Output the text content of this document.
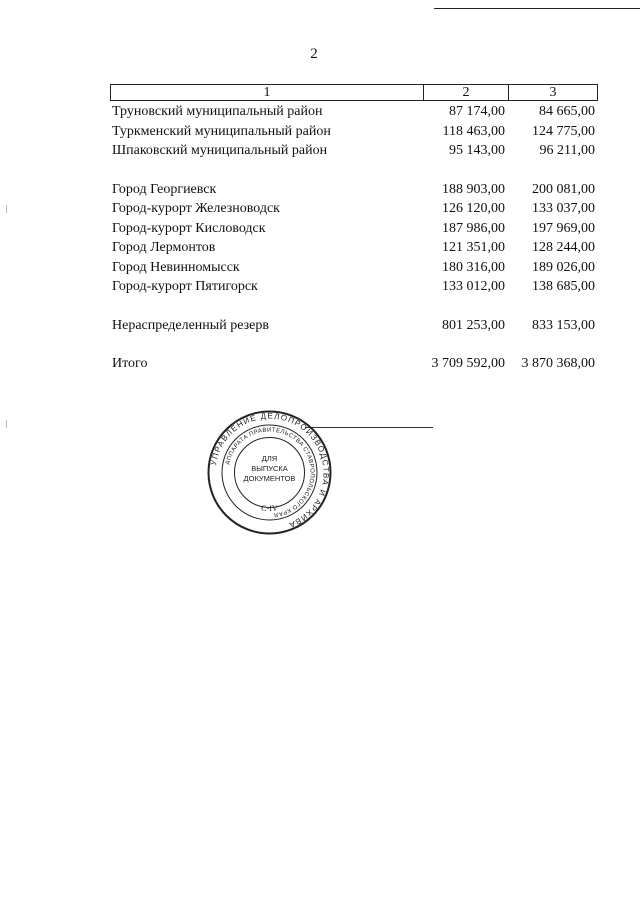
2
1	2	3
Труновский муниципальный район	87 174,00 84 665,00
Туркменский муниципальный район	118 463,00 124 775,00
Шпаковский муниципальный район	95 143,00 96 211,00
Город Георгиевск	188 903,00 200 081,00
Город-курорт Железноводск	126 120,00 133 037,00
Город-курорт Кисловодск	187 986,00 197 969,00
Город Лермонтов	121 351,00 128 244,00
Город Невинномысск	180 316,00 189 026,00
Город-курорт Пятигорск	133 012,00 138 685,00
Нераспределенный резерв	801 253,00 833 153,00
Итого	3 709 592,00 3 870 368,00
УПРАВЛЕНИЕ ДЕЛОПРОИЗВОДСТВА И АРХИВА
АППАРАТА ПРАВИТЕЛЬСТВА СТАВРОПОЛЬСКОГО КРАЯ
ДЛЯ
ВЫПУСКА
ДОКУМЕНТОВ
С-IV
